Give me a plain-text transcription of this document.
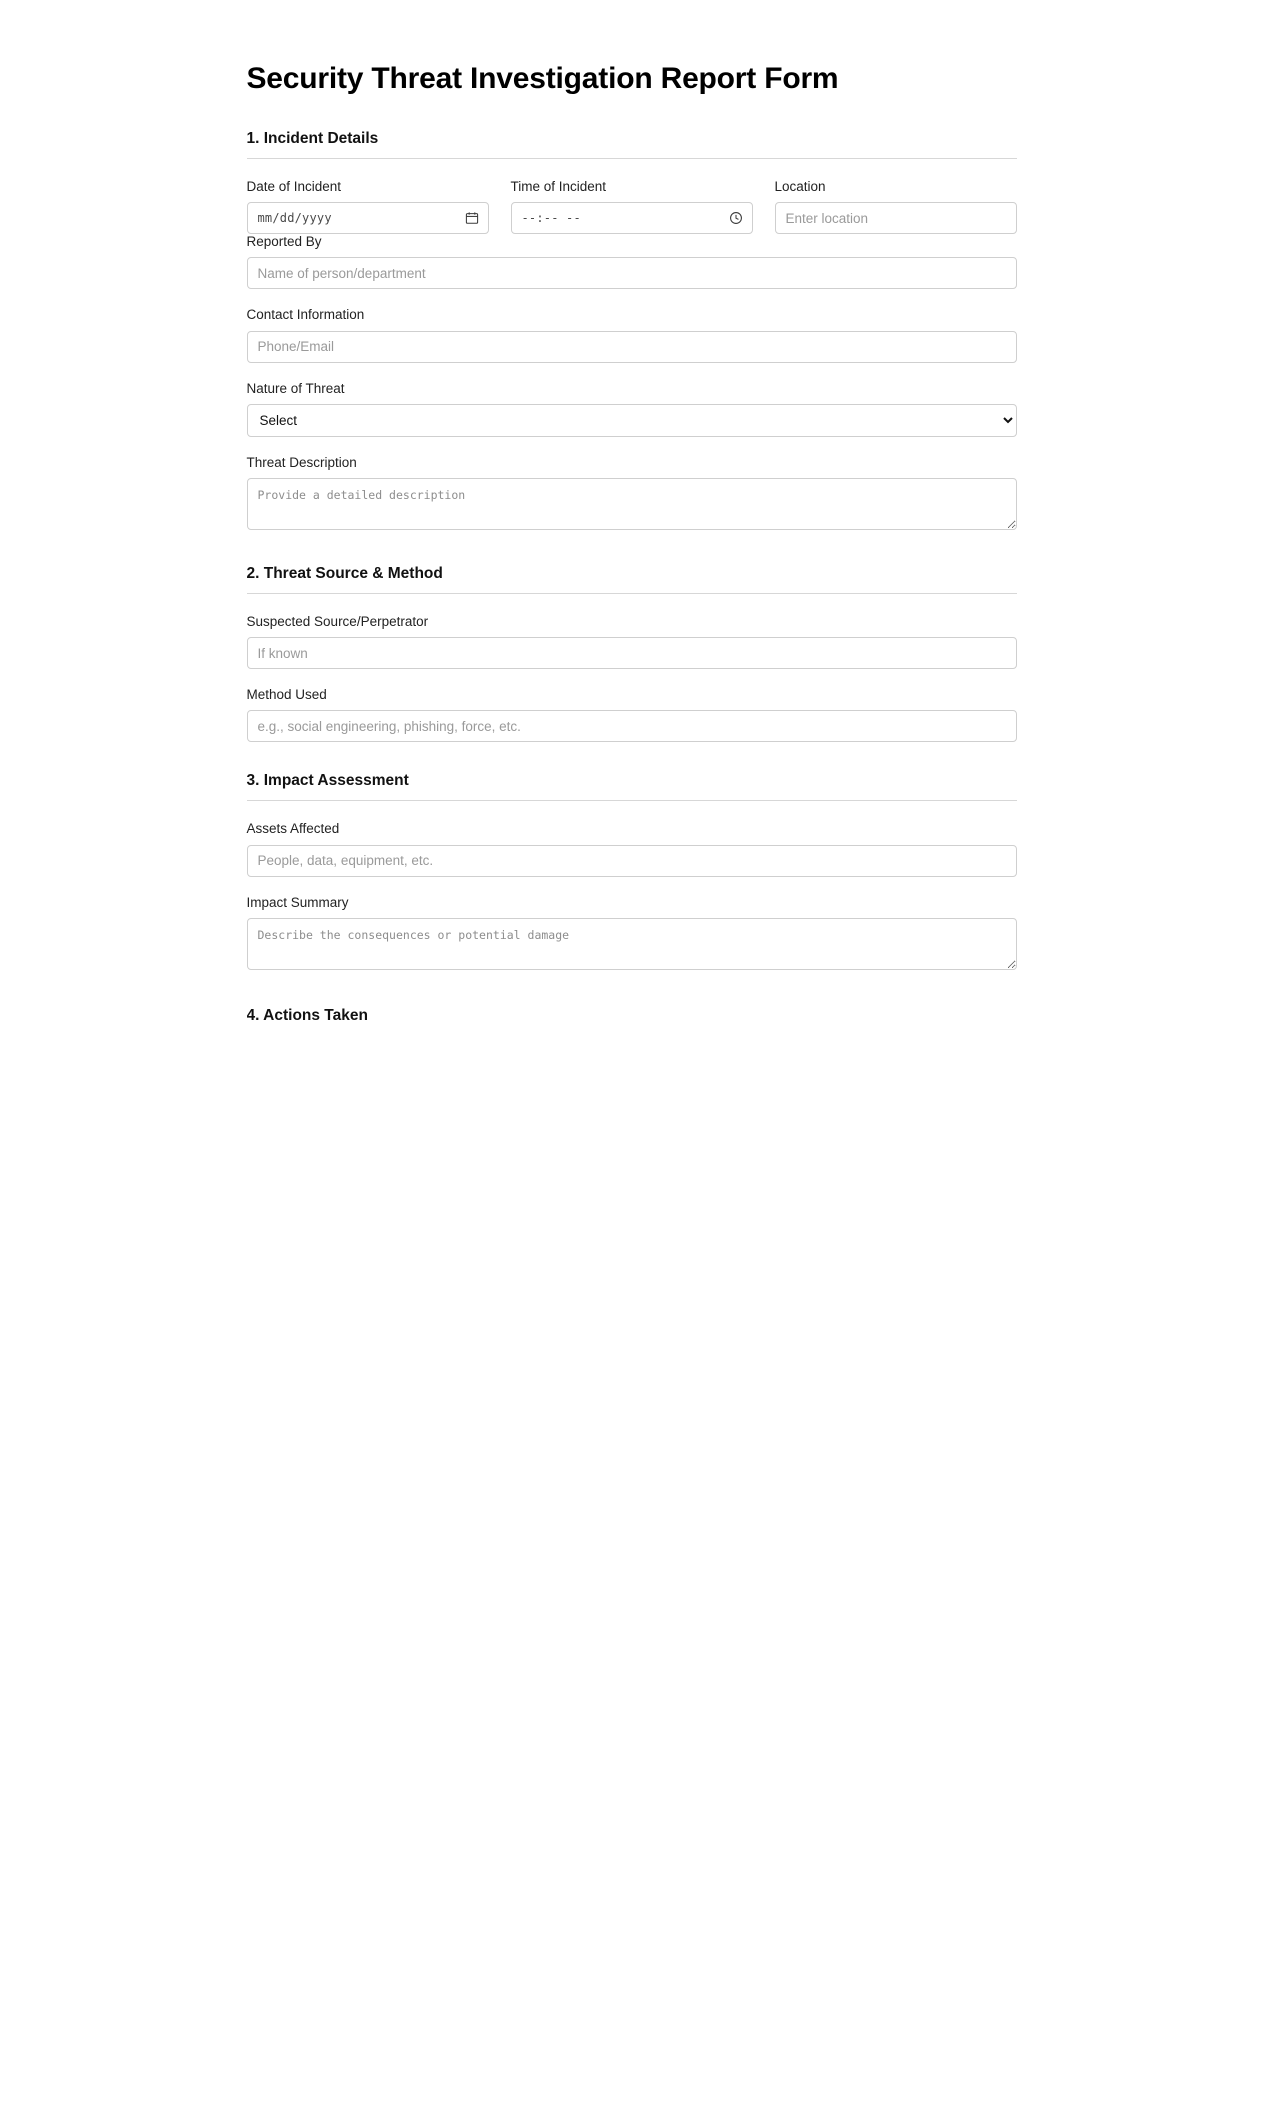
Security Threat Investigation Report Form
1. Incident Details
Date of Incident
mm/dd/yyyy
Time of Incident
--:-- --
Location
Enter location
Reported By
Name of person/department
Contact Information
Phone/Email
Nature of Threat
Select
Threat Description
Provide a detailed description
2. Threat Source & Method
Suspected Source/Perpetrator
If known
Method Used
e.g., social engineering, phishing, force, etc.
3. Impact Assessment
Assets Affected
People, data, equipment, etc.
Impact Summary
Describe the consequences or potential damage
4. Actions Taken
